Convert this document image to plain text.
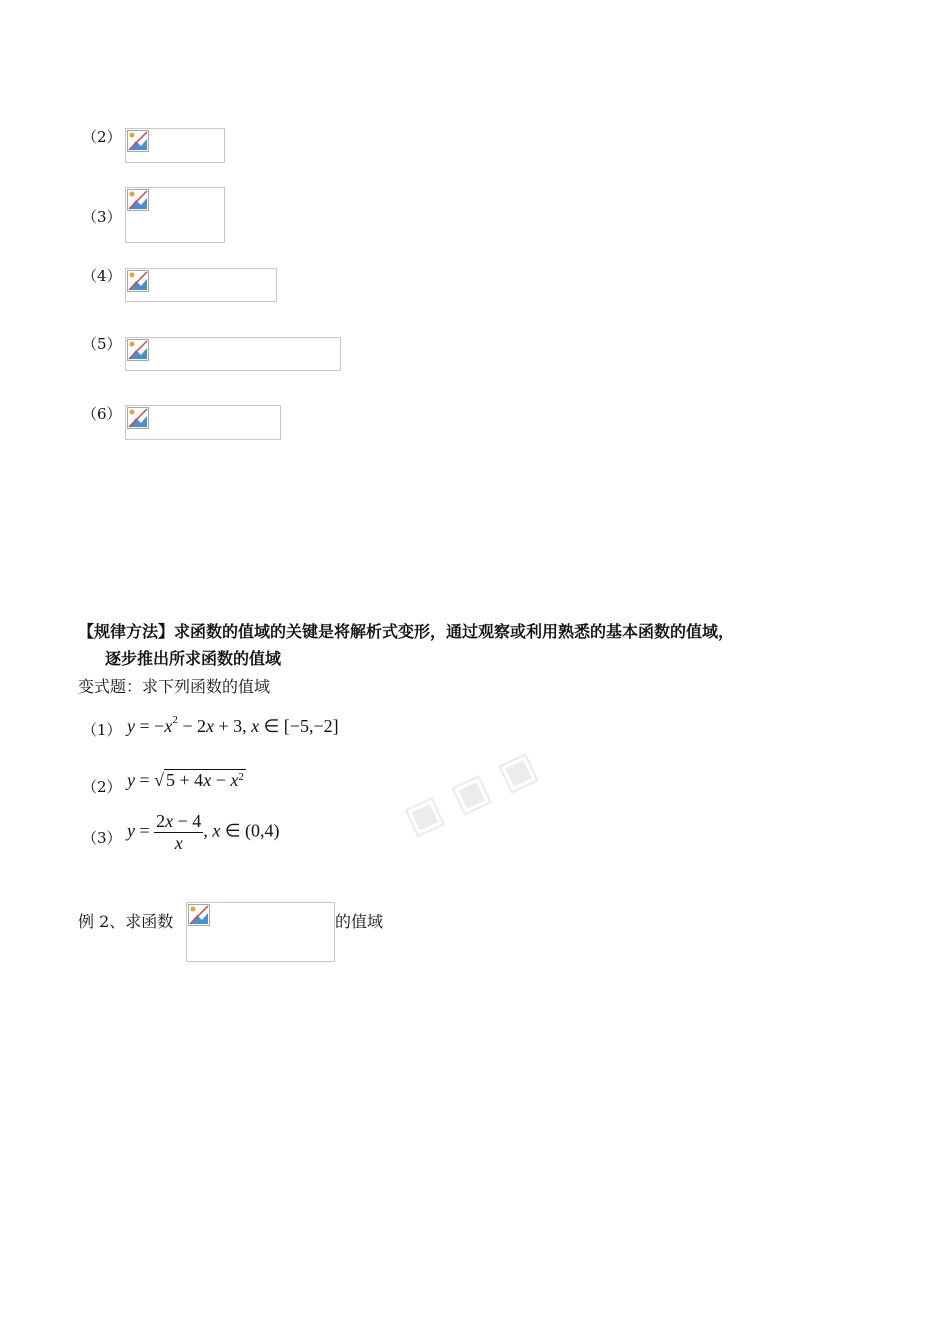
▣ ▣ ▣
（2）
（3）
（4）
（5）
（6）
【规律方法】求函数的值域的关键是将解析式变形，通过观察或利用熟悉的基本函数的值域，
逐步推出所求函数的值域
变式题：求下列函数的值域
（1） $y = -x^2 - 2x + 3$, x ∈ [−5,−2]
（2） y = √ $5 + 4x - x^2$
（3） $y = \frac{2x - 4}{x}$ , x ∈ (0,4)
例 2、求函数	的值域
